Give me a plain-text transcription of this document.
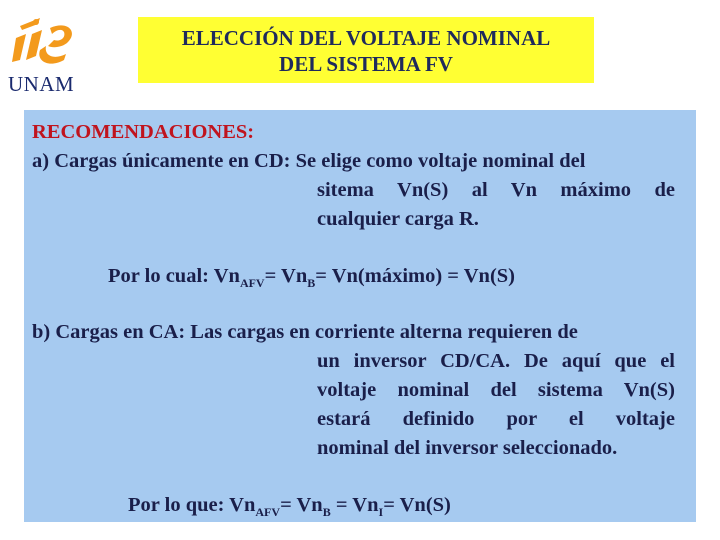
UNAM
ELECCIÓN DEL VOLTAJE NOMINAL
DEL SISTEMA FV
RECOMENDACIONES:
a) Cargas únicamente en CD: Se elige como voltaje nominal del
sitema Vn(S) al Vn máximo de
cualquier carga R.
Por lo cual: $Vn_{AFV}= Vn_B=$ Vn(máximo) = Vn(S)
b) Cargas en CA: Las cargas en corriente alterna requieren de
un inversor CD/CA. De aquí que el
voltaje nominal del sistema Vn(S)
estará definido por el voltaje
nominal del inversor seleccionado.
Por lo que: $Vn_{AFV}= Vn_B = Vn_I= Vn(S)$
